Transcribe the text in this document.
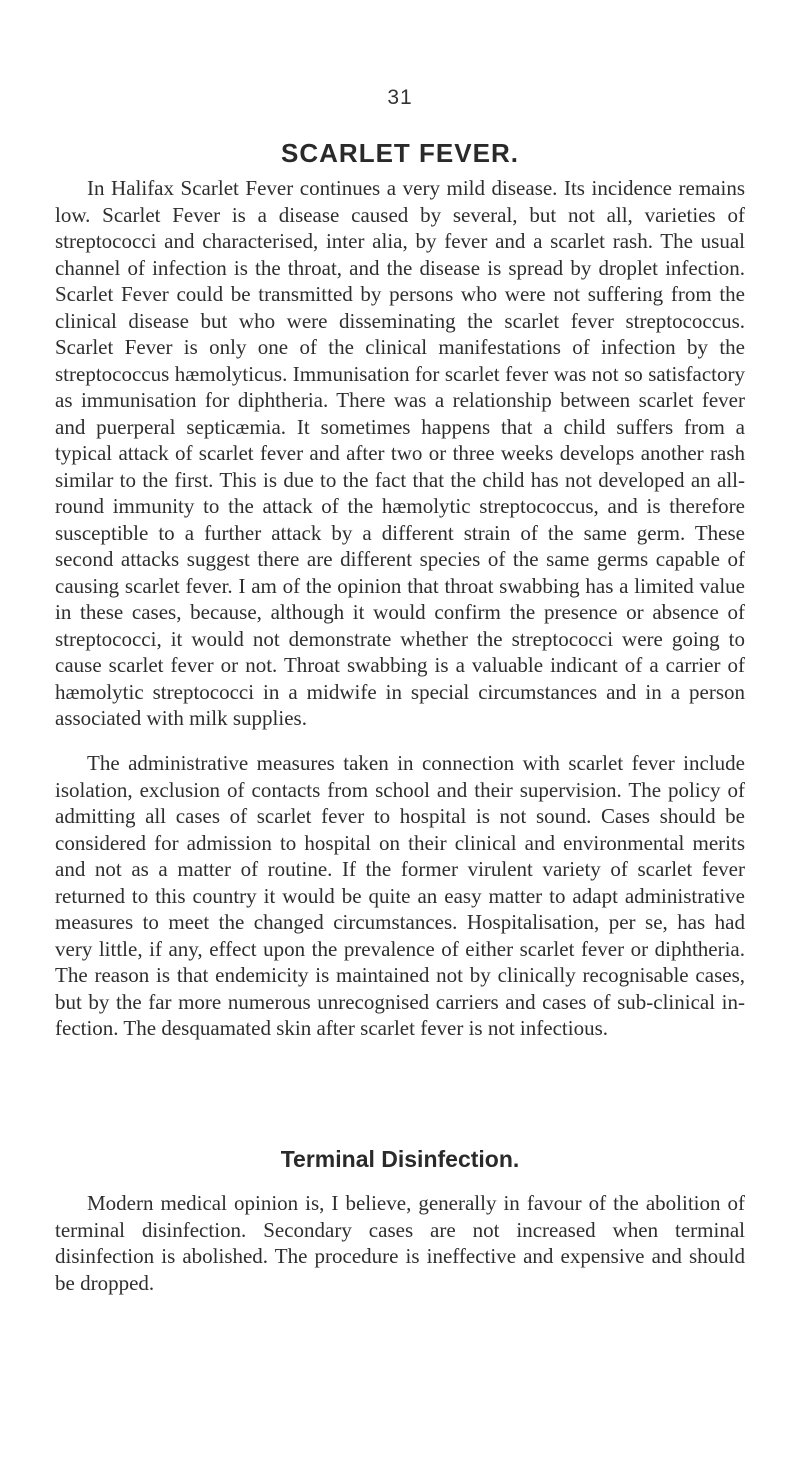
31
SCARLET FEVER.

In Halifax Scarlet Fever continues a very mild disease. Its incidence remains low. Scarlet Fever is a disease caused by several, but not all, varieties of streptococci and characterised, inter alia, by fever and a scarlet rash. The usual channel of infection is the throat, and the disease is spread by droplet infection. Scarlet Fever could be transmitted by persons who were not suffering from the clinical disease but who were disseminating the scarlet fever streptococcus. Scarlet Fever is only one of the clinical manifestations of infection by the streptococcus hæmolyticus. Immunisation for scarlet fever was not so satisfactory as immunisation for diphtheria. There was a relationship between scarlet fever and puerperal septicæmia. It sometimes happens that a child suffers from a typical attack of scarlet fever and after two or three weeks develops another rash similar to the first. This is due to the fact that the child has not developed an all-round immunity to the attack of the hæmolytic streptococcus, and is therefore susceptible to a further attack by a different strain of the same germ. These second attacks suggest there are different species of the same germs capable of causing scarlet fever. I am of the opinion that throat swabbing has a limited value in these cases, because, although it would confirm the presence or absence of streptococci, it would not demonstrate whether the streptococci were going to cause scarlet fever or not. Throat swabbing is a valuable indicant of a carrier of hæmolytic streptococci in a midwife in special circumstances and in a person associated with milk supplies.

The administrative measures taken in connection with scarlet fever include isolation, exclusion of contacts from school and their supervision. The policy of admitting all cases of scarlet fever to hospital is not sound. Cases should be considered for admission to hospital on their clinical and environmental merits and not as a matter of routine. If the former virulent variety of scarlet fever returned to this country it would be quite an easy matter to adapt administrative measures to meet the changed circumstances. Hospitalisation, per se, has had very little, if any, effect upon the prevalence of either scarlet fever or diphtheria. The reason is that endemicity is maintained not by clinically recognisable cases, but by the far more numerous unrecognised carriers and cases of sub-clinical infection. The desquamated skin after scarlet fever is not infectious.

Terminal Disinfection.

Modern medical opinion is, I believe, generally in favour of the abolition of terminal disinfection. Secondary cases are not increased when terminal disinfection is abolished. The procedure is ineffective and expensive and should be dropped.
